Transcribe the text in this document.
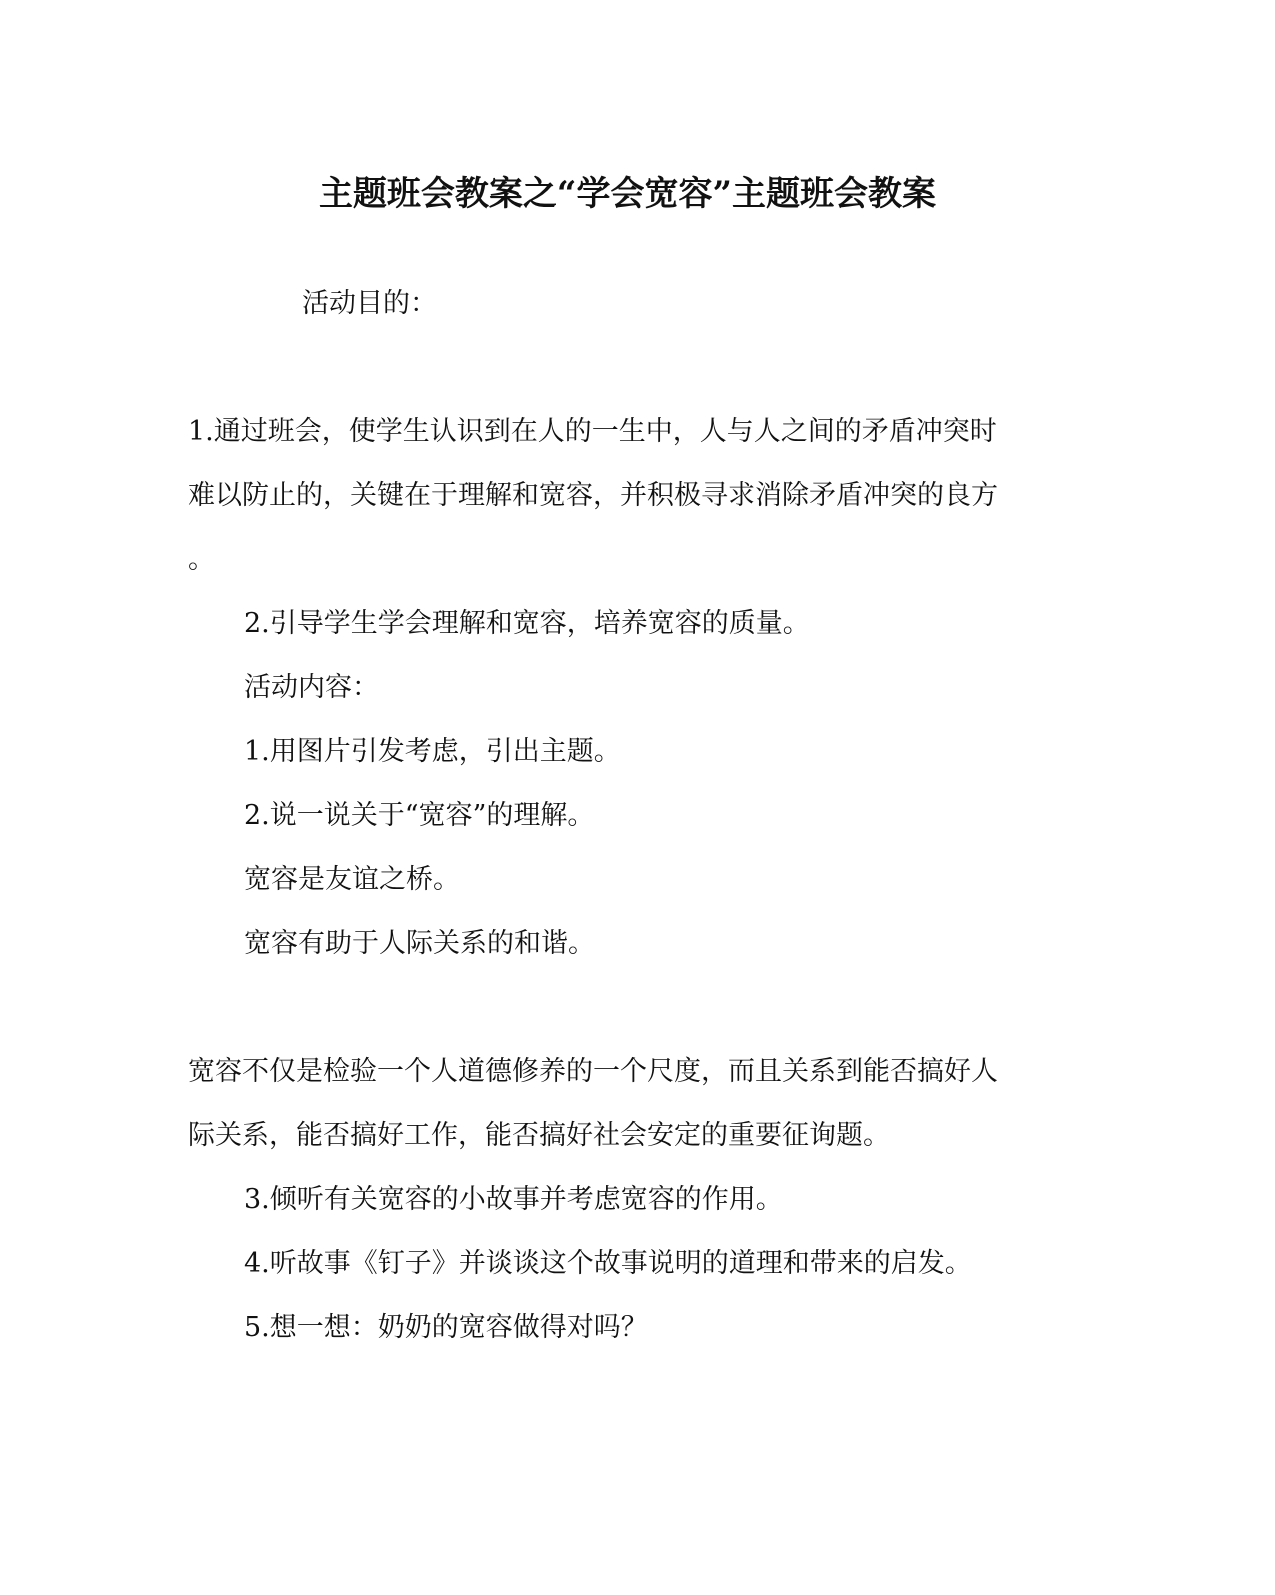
主题班会教案之“学会宽容”主题班会教案
活动目的：
1.通过班会，使学生认识到在人的一生中，人与人之间的矛盾冲突时
难以防止的，关键在于理解和宽容，并积极寻求消除矛盾冲突的良方
。
2.引导学生学会理解和宽容，培养宽容的质量。
活动内容：
1.用图片引发考虑，引出主题。
2.说一说关于“宽容”的理解。
宽容是友谊之桥。
宽容有助于人际关系的和谐。
宽容不仅是检验一个人道德修养的一个尺度，而且关系到能否搞好人
际关系，能否搞好工作，能否搞好社会安定的重要征询题。
3.倾听有关宽容的小故事并考虑宽容的作用。
4.听故事《钉子》并谈谈这个故事说明的道理和带来的启发。
5.想一想：奶奶的宽容做得对吗？
